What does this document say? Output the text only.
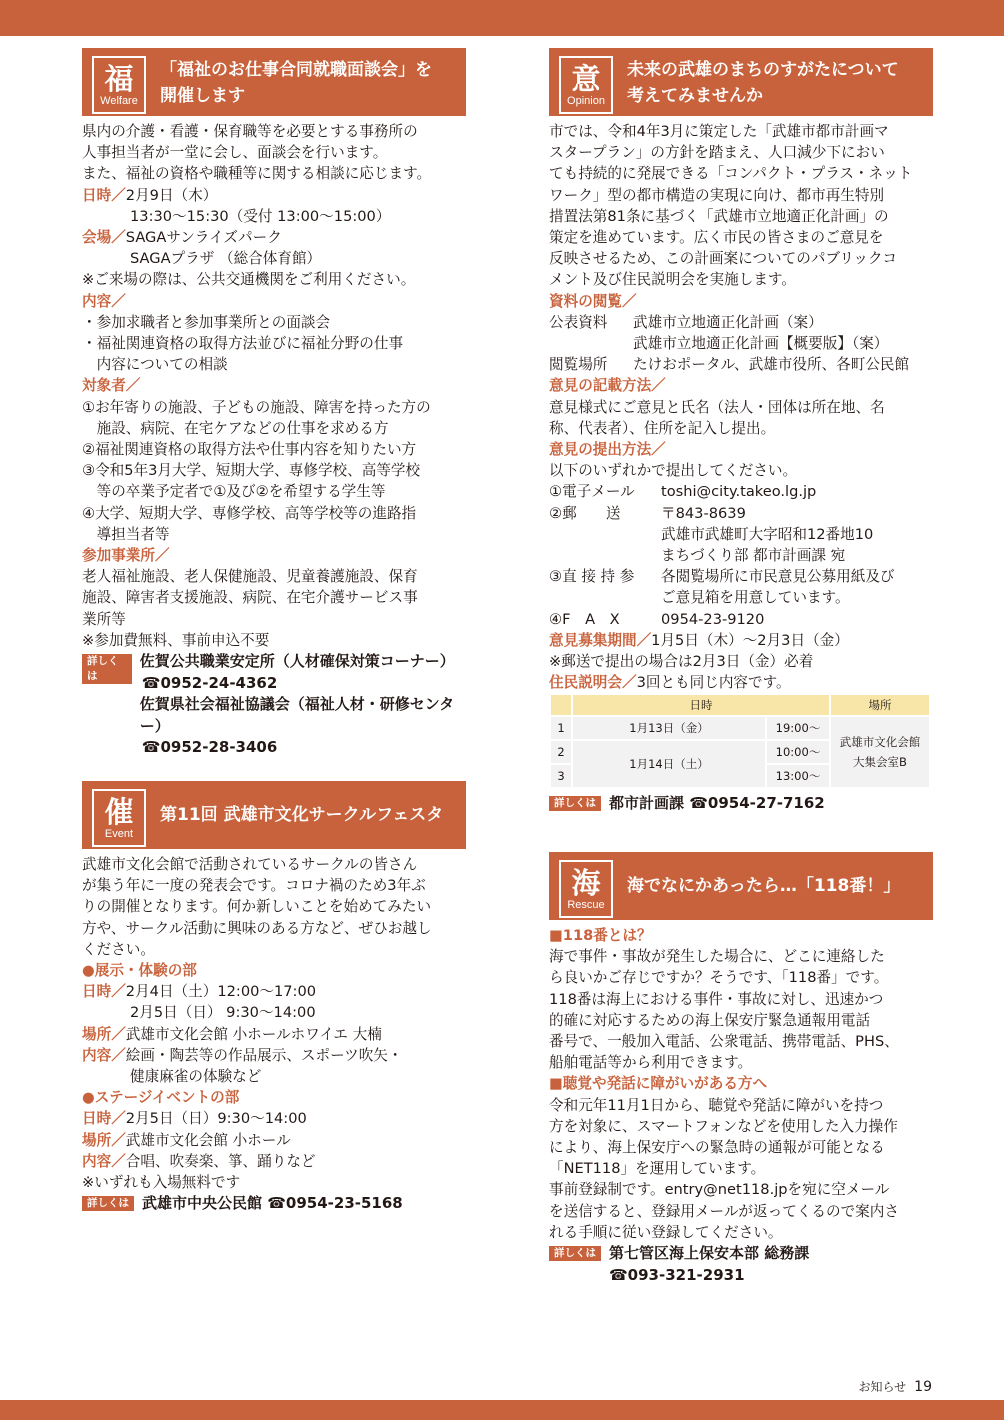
福
Welfare
「福祉のお仕事合同就職面談会」を
開催します
県内の介護・看護・保育職等を必要とする事務所の
人事担当者が一堂に会し、面談会を行います。
また、福祉の資格や職種等に関する相談に応じます。
日時／2月9日（木）
13:30～15:30（受付 13:00～15:00）
会場／SAGAサンライズパーク
SAGAプラザ （総合体育館）
※ご来場の際は、公共交通機関をご利用ください。
内容／
・参加求職者と参加事業所との面談会
・福祉関連資格の取得方法並びに福祉分野の仕事
　内容についての相談
対象者／
①お年寄りの施設、子どもの施設、障害を持った方の
　施設、病院、在宅ケアなどの仕事を求める方
②福祉関連資格の取得方法や仕事内容を知りたい方
③令和5年3月大学、短期大学、専修学校、高等学校
　等の卒業予定者で①及び②を希望する学生等
④大学、短期大学、専修学校、高等学校等の進路指
　導担当者等
参加事業所／
老人福祉施設、老人保健施設、児童養護施設、保育
施設、障害者支援施設、病院、在宅介護サービス事
業所等
※参加費無料、事前申込不要
詳しくは
佐賀公共職業安定所（人材確保対策コーナー）
☎0952-24-4362
佐賀県社会福祉協議会（福祉人材・研修センター）
☎0952-28-3406
催
Event
第11回 武雄市文化サークルフェスタ
武雄市文化会館で活動されているサークルの皆さん
が集う年に一度の発表会です。コロナ禍のため3年ぶ
りの開催となります。何か新しいことを始めてみたい
方や、サークル活動に興味のある方など、ぜひお越し
ください。
●展示・体験の部
日時／2月4日（土）12:00～17:00
2月5日（日） 9:30～14:00
場所／武雄市文化会館 小ホールホワイエ 大楠
内容／絵画・陶芸等の作品展示、スポーツ吹矢・
健康麻雀の体験など
●ステージイベントの部
日時／2月5日（日）9:30～14:00
場所／武雄市文化会館 小ホール
内容／合唱、吹奏楽、箏、踊りなど
※いずれも入場無料です
詳しくは 武雄市中央公民館 ☎0954-23-5168
意
Opinion
未来の武雄のまちのすがたについて
考えてみませんか
市では、令和4年3月に策定した「武雄市都市計画マ
スタープラン」の方針を踏まえ、人口減少下におい
ても持続的に発展できる「コンパクト・プラス・ネット
ワーク」型の都市構造の実現に向け、都市再生特別
措置法第81条に基づく「武雄市立地適正化計画」の
策定を進めています。広く市民の皆さまのご意見を
反映させるため、この計画案についてのパブリックコ
メント及び住民説明会を実施します。
資料の閲覧／
公表資料	武雄市立地適正化計画（案）
武雄市立地適正化計画【概要版】（案）
閲覧場所	たけおポータル、武雄市役所、各町公民館
意見の記載方法／
意見様式にご意見と氏名（法人・団体は所在地、名
称、代表者）、住所を記入し提出。
意見の提出方法／
以下のいずれかで提出してください。
①電子メール	toshi@city.takeo.lg.jp
②郵　　送	〒843-8639
武雄市武雄町大字昭和12番地10
まちづくり部 都市計画課 宛
③直 接 持 参	各閲覧場所に市民意見公募用紙及び
ご意見箱を用意しています。
④F　A　X	0954-23-9120
意見募集期間／1月5日（木）～2月3日（金）
※郵送で提出の場合は2月3日（金）必着
住民説明会／3回とも同じ内容です。
	日時		場所
1	1月13日（金）	19:00～	武雄市文化会館
大集会室B

2	1月14日（土）	10:00～	
3		13:00～	
詳しくは 都市計画課 ☎0954-27-7162
海
Rescue
海でなにかあったら…「118番！」
■118番とは？
海で事件・事故が発生した場合に、どこに連絡した
ら良いかご存じですか？そうです、「118番」です。
118番は海上における事件・事故に対し、迅速かつ
的確に対応するための海上保安庁緊急通報用電話
番号で、一般加入電話、公衆電話、携帯電話、PHS、
船舶電話等から利用できます。
■聴覚や発話に障がいがある方へ
令和元年11月1日から、聴覚や発話に障がいを持つ
方を対象に、スマートフォンなどを使用した入力操作
により、海上保安庁への緊急時の通報が可能となる
「NET118」を運用しています。
事前登録制です。entry@net118.jpを宛に空メール
を送信すると、登録用メールが返ってくるので案内さ
れる手順に従い登録してください。
詳しくは 第七管区海上保安本部 総務課
☎093-321-2931
お知らせ 19
